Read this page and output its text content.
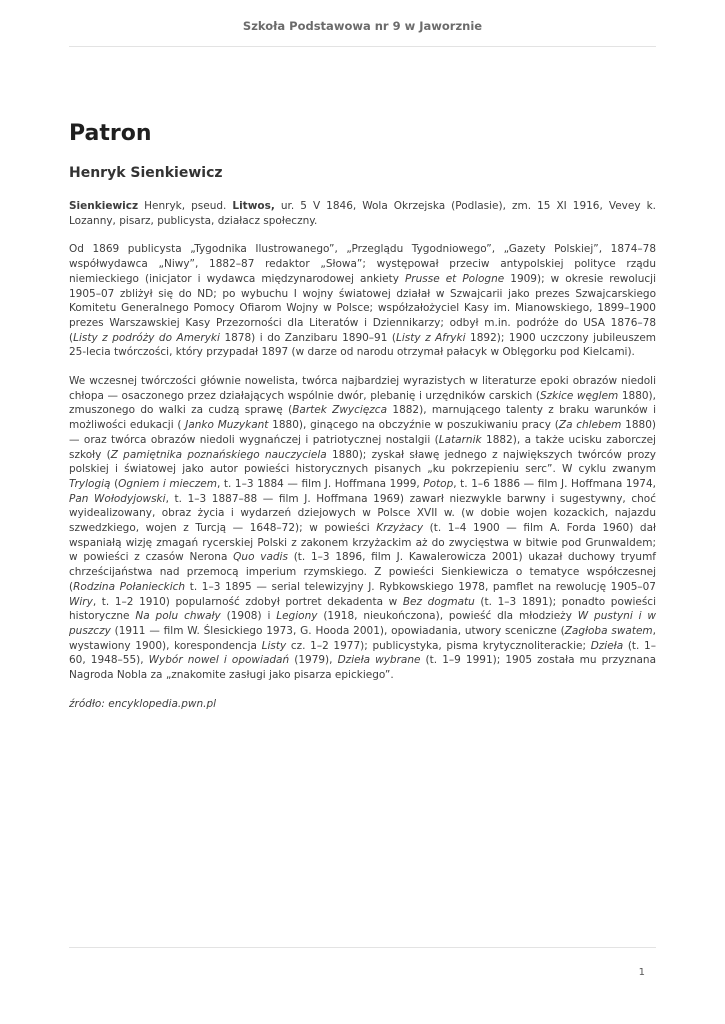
Szkoła Podstawowa nr 9 w Jaworznie
Patron
Henryk Sienkiewicz

Sienkiewicz Henryk, pseud. Litwos, ur. 5 V 1846, Wola Okrzejska (Podlasie), zm. 15 XI 1916, Vevey k. Lozanny, pisarz, publicysta, działacz społeczny.

Od 1869 publicysta „Tygodnika Ilustrowanego”, „Przeglądu Tygodniowego”, „Gazety Polskiej”, 1874–78 współwydawca „Niwy”, 1882–87 redaktor „Słowa”; występował przeciw antypolskiej polityce rządu niemieckiego (inicjator i wydawca międzynarodowej ankiety Prusse et Pologne 1909); w okresie rewolucji 1905–07 zbliżył się do ND; po wybuchu I wojny światowej działał w Szwajcarii jako prezes Szwajcarskiego Komitetu Generalnego Pomocy Ofiarom Wojny w Polsce; współzałożyciel Kasy im. Mianowskiego, 1899–1900 prezes Warszawskiej Kasy Przezorności dla Literatów i Dziennikarzy; odbył m.in. podróże do USA 1876–78 (Listy z podróży do Ameryki 1878) i do Zanzibaru 1890–91 (Listy z Afryki 1892); 1900 uczczony jubileuszem 25-lecia twórczości, który przypadał 1897 (w darze od narodu otrzymał pałacyk w Oblęgorku pod Kielcami).

We wczesnej twórczości głównie nowelista, twórca najbardziej wyrazistych w literaturze epoki obrazów niedoli chłopa — osaczonego przez działających wspólnie dwór, plebanię i urzędników carskich (Szkice węglem 1880), zmuszonego do walki za cudzą sprawę (Bartek Zwycięzca 1882), marnującego talenty z braku warunków i możliwości edukacji ( Janko Muzykant 1880), ginącego na obczyźnie w poszukiwaniu pracy (Za chlebem 1880) — oraz twórca obrazów niedoli wygnańczej i patriotycznej nostalgii (Latarnik 1882), a także ucisku zaborczej szkoły (Z pamiętnika poznańskiego nauczyciela 1880); zyskał sławę jednego z największych twórców prozy polskiej i światowej jako autor powieści historycznych pisanych „ku pokrzepieniu serc”. W cyklu zwanym Trylogią (Ogniem i mieczem, t. 1–3 1884 — film J. Hoffmana 1999, Potop, t. 1–6 1886 — film J. Hoffmana 1974, Pan Wołodyjowski, t. 1–3 1887–88 — film J. Hoffmana 1969) zawarł niezwykle barwny i sugestywny, choć wyidealizowany, obraz życia i wydarzeń dziejowych w Polsce XVII w. (w dobie wojen kozackich, najazdu szwedzkiego, wojen z Turcją — 1648–72); w powieści Krzyżacy (t. 1–4 1900 — film A. Forda 1960) dał wspaniałą wizję zmagań rycerskiej Polski z zakonem krzyżackim aż do zwycięstwa w bitwie pod Grunwaldem; w powieści z czasów Nerona Quo vadis (t. 1–3 1896, film J. Kawalerowicza 2001) ukazał duchowy tryumf chrześcijaństwa nad przemocą imperium rzymskiego. Z powieści Sienkiewicza o tematyce współczesnej (Rodzina Połanieckich t. 1–3 1895 — serial telewizyjny J. Rybkowskiego 1978, pamflet na rewolucję 1905–07 Wiry, t. 1–2 1910) popularność zdobył portret dekadenta w Bez dogmatu (t. 1–3 1891); ponadto powieści historyczne Na polu chwały (1908) i Legiony (1918, nieukończona), powieść dla młodzieży W pustyni i w puszczy (1911 — film W. Ślesickiego 1973, G. Hooda 2001), opowiadania, utwory sceniczne (Zagłoba swatem, wystawiony 1900), korespondencja Listy cz. 1–2 1977); publicystyka, pisma krytycznoliterackie; Dzieła (t. 1–60, 1948–55), Wybór nowel i opowiadań (1979), Dzieła wybrane (t. 1–9 1991); 1905 została mu przyznana Nagroda Nobla za „znakomite zasługi jako pisarza epickiego”.

źródło: encyklopedia.pwn.pl

1
